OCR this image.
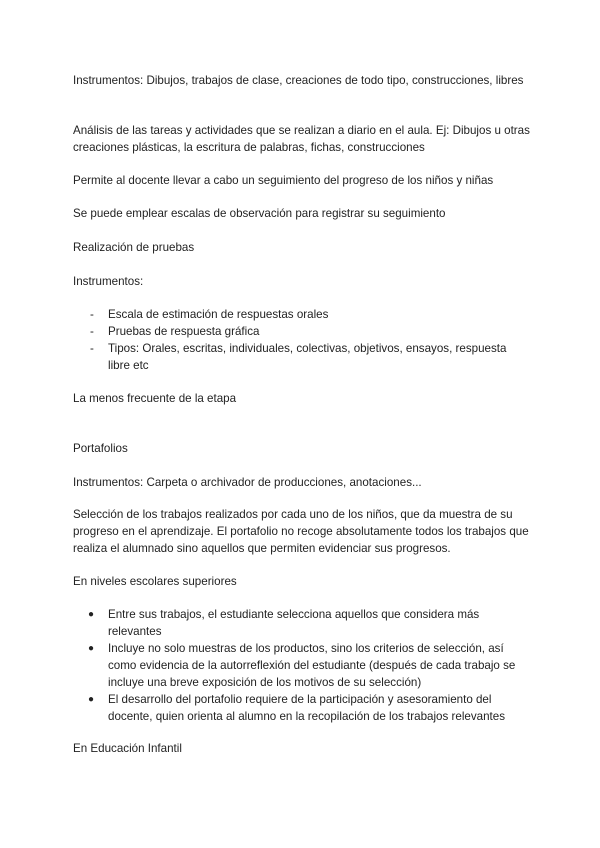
Instrumentos: Dibujos, trabajos de clase, creaciones de todo tipo, construcciones, libres

Análisis de las tareas y actividades que se realizan a diario en el aula. Ej: Dibujos u otras creaciones plásticas, la escritura de palabras, fichas, construcciones

Permite al docente llevar a cabo un seguimiento del progreso de los niños y niñas

Se puede emplear escalas de observación para registrar su seguimiento

Realización de pruebas

Instrumentos:

-	Escala de estimación de respuestas orales
-	Pruebas de respuesta gráfica
-	Tipos: Orales, escritas, individuales, colectivas, objetivos, ensayos, respuesta libre etc

La menos frecuente de la etapa

Portafolios

Instrumentos: Carpeta o archivador de producciones, anotaciones...

Selección de los trabajos realizados por cada uno de los niños, que da muestra de su progreso en el aprendizaje. El portafolio no recoge absolutamente todos los trabajos que realiza el alumnado sino aquellos que permiten evidenciar sus progresos.

En niveles escolares superiores

●	Entre sus trabajos, el estudiante selecciona aquellos que considera más relevantes
●	Incluye no solo muestras de los productos, sino los criterios de selección, así como evidencia de la autorreflexión del estudiante (después de cada trabajo se incluye una breve exposición de los motivos de su selección)
●	El desarrollo del portafolio requiere de la participación y asesoramiento del docente, quien orienta al alumno en la recopilación de los trabajos relevantes

En Educación Infantil
